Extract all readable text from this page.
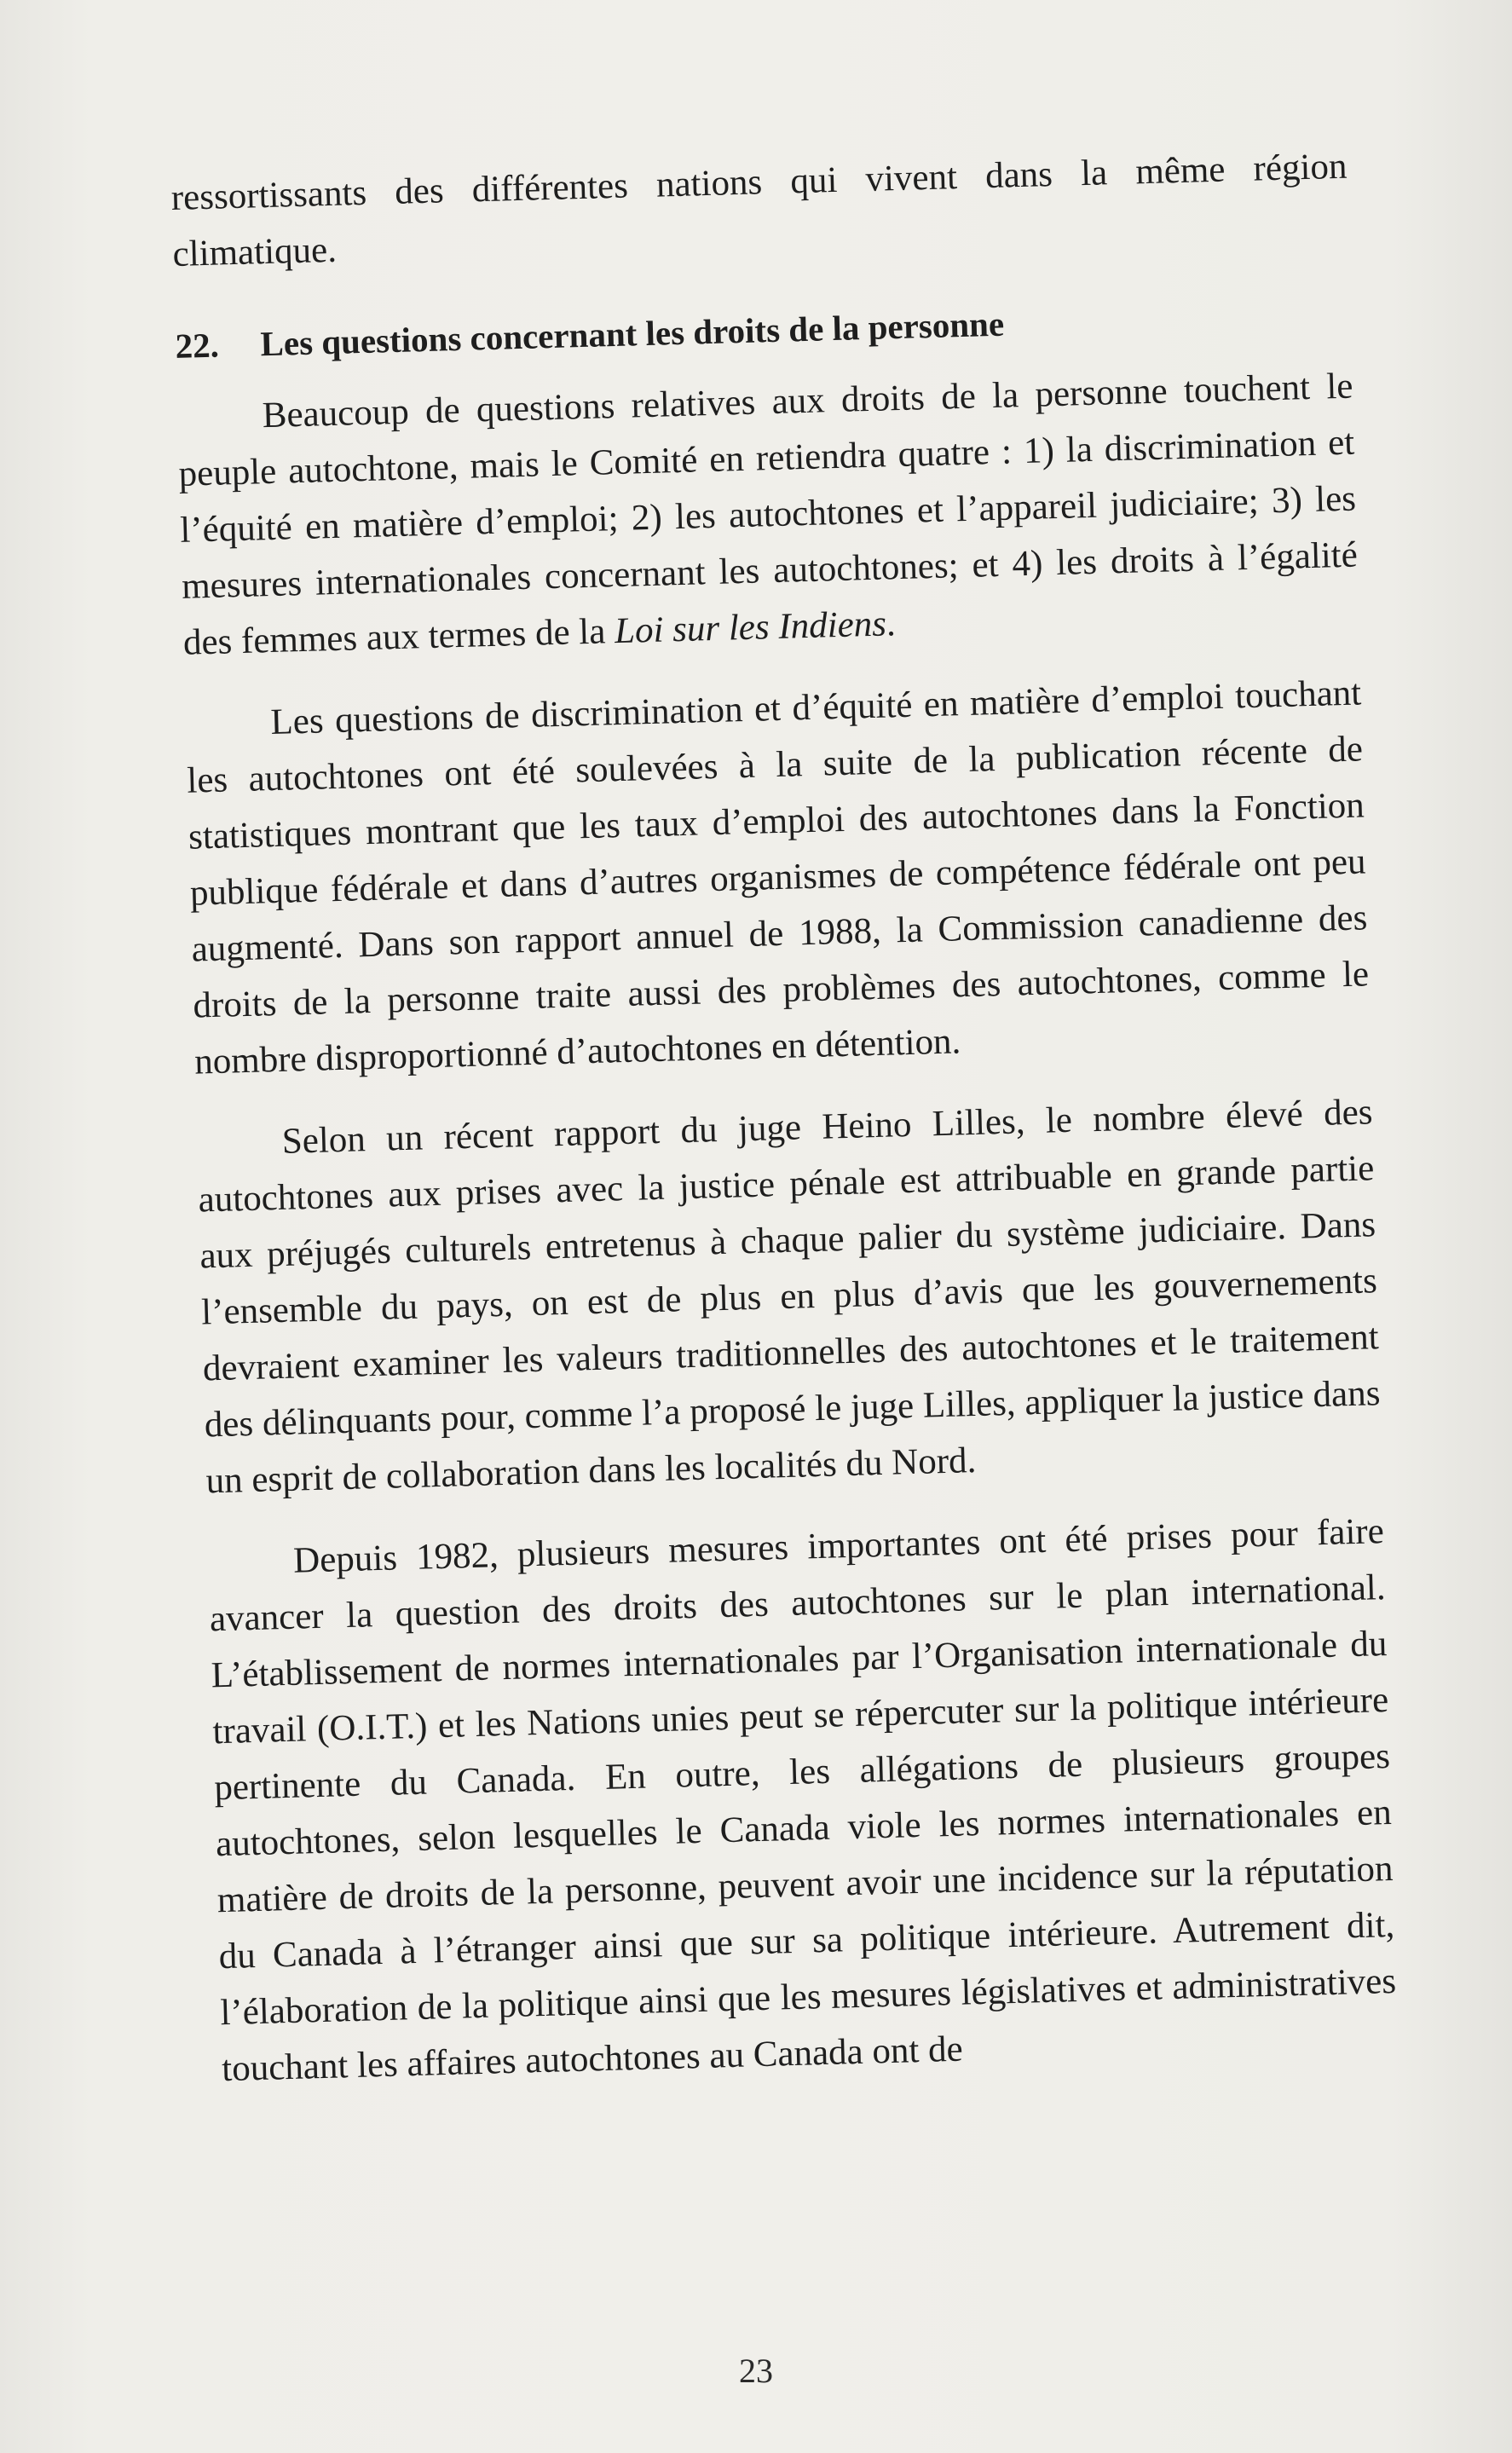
ressortissants des différentes nations qui vivent dans la même région climatique.

22. Les questions concernant les droits de la personne

Beaucoup de questions relatives aux droits de la personne touchent le peuple autochtone, mais le Comité en retiendra quatre : 1) la discrimination et l’équité en matière d’emploi; 2) les autochtones et l’appareil judiciaire; 3) les mesures internationales concernant les autochtones; et 4) les droits à l’égalité des femmes aux termes de la Loi sur les Indiens.

Les questions de discrimination et d’équité en matière d’emploi touchant les autochtones ont été soulevées à la suite de la publication récente de statistiques montrant que les taux d’emploi des autochtones dans la Fonction publique fédérale et dans d’autres organismes de compétence fédérale ont peu augmenté. Dans son rapport annuel de 1988, la Commission canadienne des droits de la personne traite aussi des problèmes des autochtones, comme le nombre disproportionné d’autochtones en détention.

Selon un récent rapport du juge Heino Lilles, le nombre élevé des autochtones aux prises avec la justice pénale est attribuable en grande partie aux préjugés culturels entretenus à chaque palier du système judiciaire. Dans l’ensemble du pays, on est de plus en plus d’avis que les gouvernements devraient examiner les valeurs traditionnelles des autochtones et le traitement des délinquants pour, comme l’a proposé le juge Lilles, appliquer la justice dans un esprit de collaboration dans les localités du Nord.

Depuis 1982, plusieurs mesures importantes ont été prises pour faire avancer la question des droits des autochtones sur le plan international. L’établissement de normes internationales par l’Organisation internationale du travail (O.I.T.) et les Nations unies peut se répercuter sur la politique intérieure pertinente du Canada. En outre, les allégations de plusieurs groupes autochtones, selon lesquelles le Canada viole les normes internationales en matière de droits de la personne, peuvent avoir une incidence sur la réputation du Canada à l’étranger ainsi que sur sa politique intérieure. Autrement dit, l’élaboration de la politique ainsi que les mesures législatives et administratives touchant les affaires autochtones au Canada ont de

23
